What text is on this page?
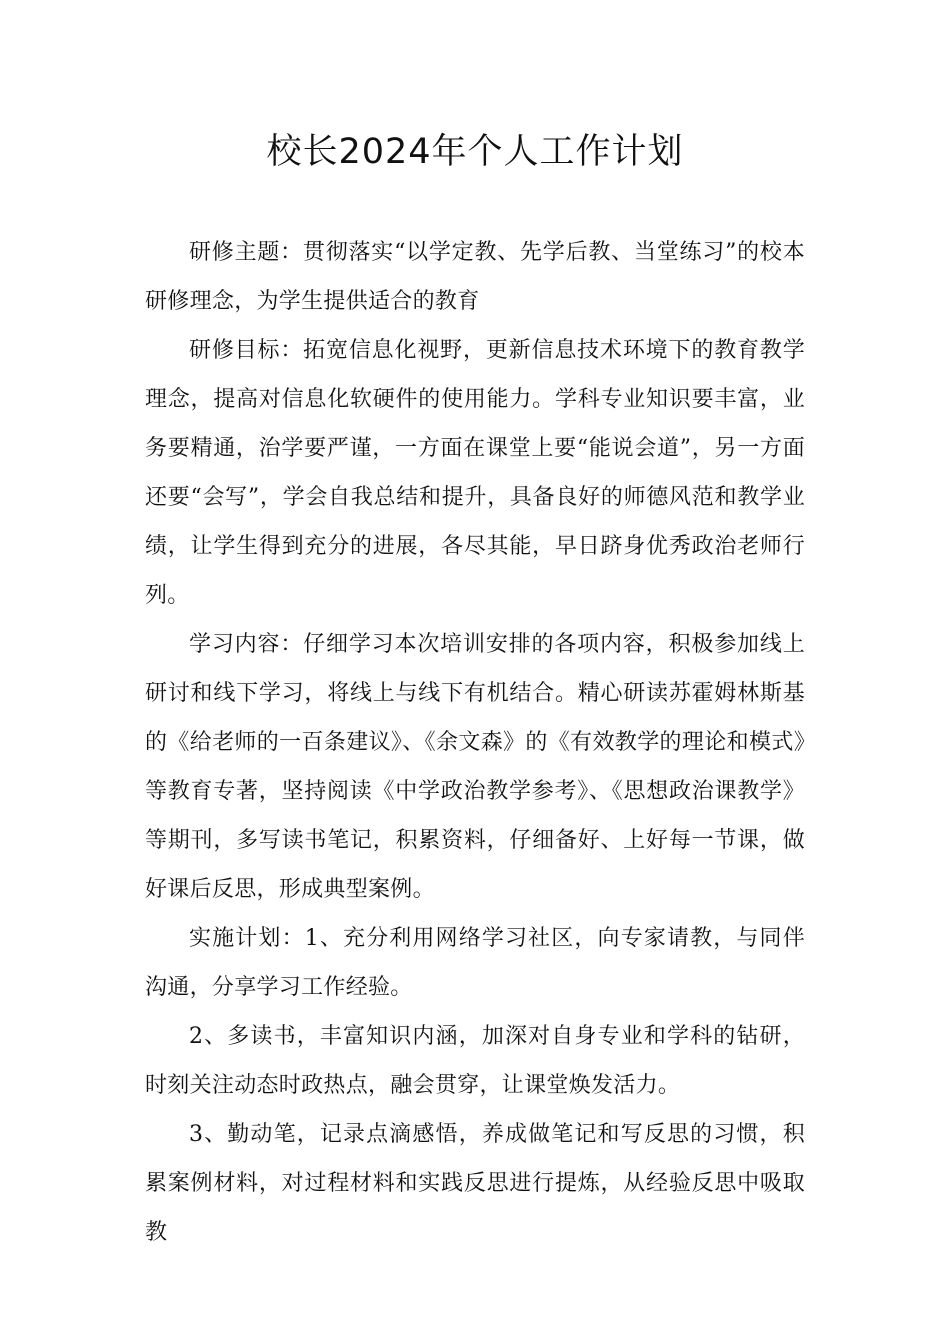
校长2024年个人工作计划

研修主题：贯彻落实“以学定教、先学后教、当堂练习”的校本研修理念，为学生提供适合的教育

研修目标：拓宽信息化视野，更新信息技术环境下的教育教学理念，提高对信息化软硬件的使用能力。学科专业知识要丰富，业务要精通，治学要严谨，一方面在课堂上要“能说会道”，另一方面还要“会写”，学会自我总结和提升，具备良好的师德风范和教学业绩，让学生得到充分的进展，各尽其能，早日跻身优秀政治老师行列。

学习内容：仔细学习本次培训安排的各项内容，积极参加线上研讨和线下学习，将线上与线下有机结合。精心研读苏霍姆林斯基的《给老师的一百条建议》、《余文森》的《有效教学的理论和模式》等教育专著，坚持阅读《中学政治教学参考》、《思想政治课教学》等期刊，多写读书笔记，积累资料，仔细备好、上好每一节课，做好课后反思，形成典型案例。

实施计划：1、充分利用网络学习社区，向专家请教，与同伴沟通，分享学习工作经验。

2、多读书，丰富知识内涵，加深对自身专业和学科的钻研，时刻关注动态时政热点，融会贯穿，让课堂焕发活力。

3、勤动笔，记录点滴感悟，养成做笔记和写反思的习惯，积累案例材料，对过程材料和实践反思进行提炼，从经验反思中吸取教
